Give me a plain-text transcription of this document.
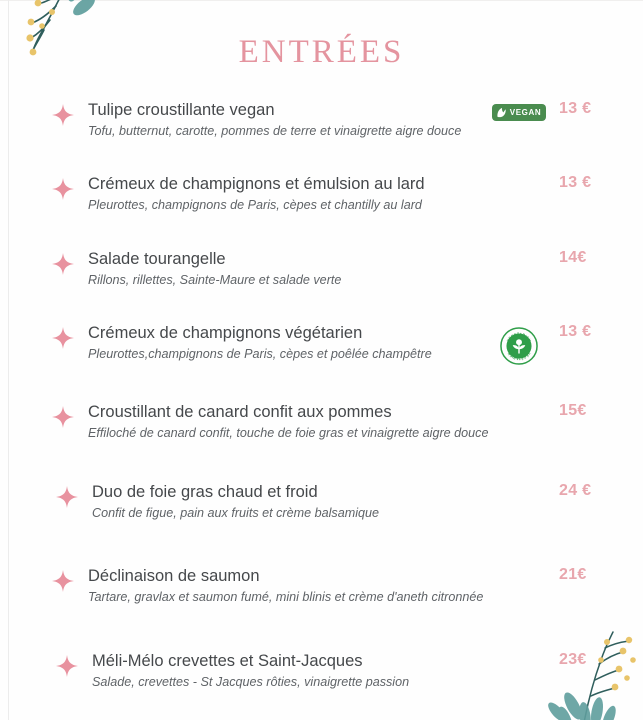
ENTRÉES
Tulipe croustillante vegan
Tofu, butternut, carotte, pommes de terre et vinaigrette aigre douce
VEGAN	13 €
Crémeux de champignons et émulsion au lard
Pleurottes, champignons de Paris, cèpes et chantilly au lard
13 €
Salade tourangelle
Rillons, rillettes, Sainte-Maure et salade verte
14€
Crémeux de champignons végétarien
Pleurottes,champignons de Paris, cèpes et poêlée champêtre
VEGETARIAN
VÉGÉTARIEN
13 €
Croustillant de canard confit aux pommes
Effiloché de canard confit, touche de foie gras et vinaigrette aigre douce
15€
Duo de foie gras chaud et froid
Confit de figue, pain aux fruits et crème balsamique
24 €
Déclinaison de saumon
Tartare, gravlax et saumon fumé, mini blinis et crème d'aneth citronnée
21€
Méli-Mélo crevettes et Saint-Jacques
Salade, crevettes - St Jacques rôties, vinaigrette passion
23€
